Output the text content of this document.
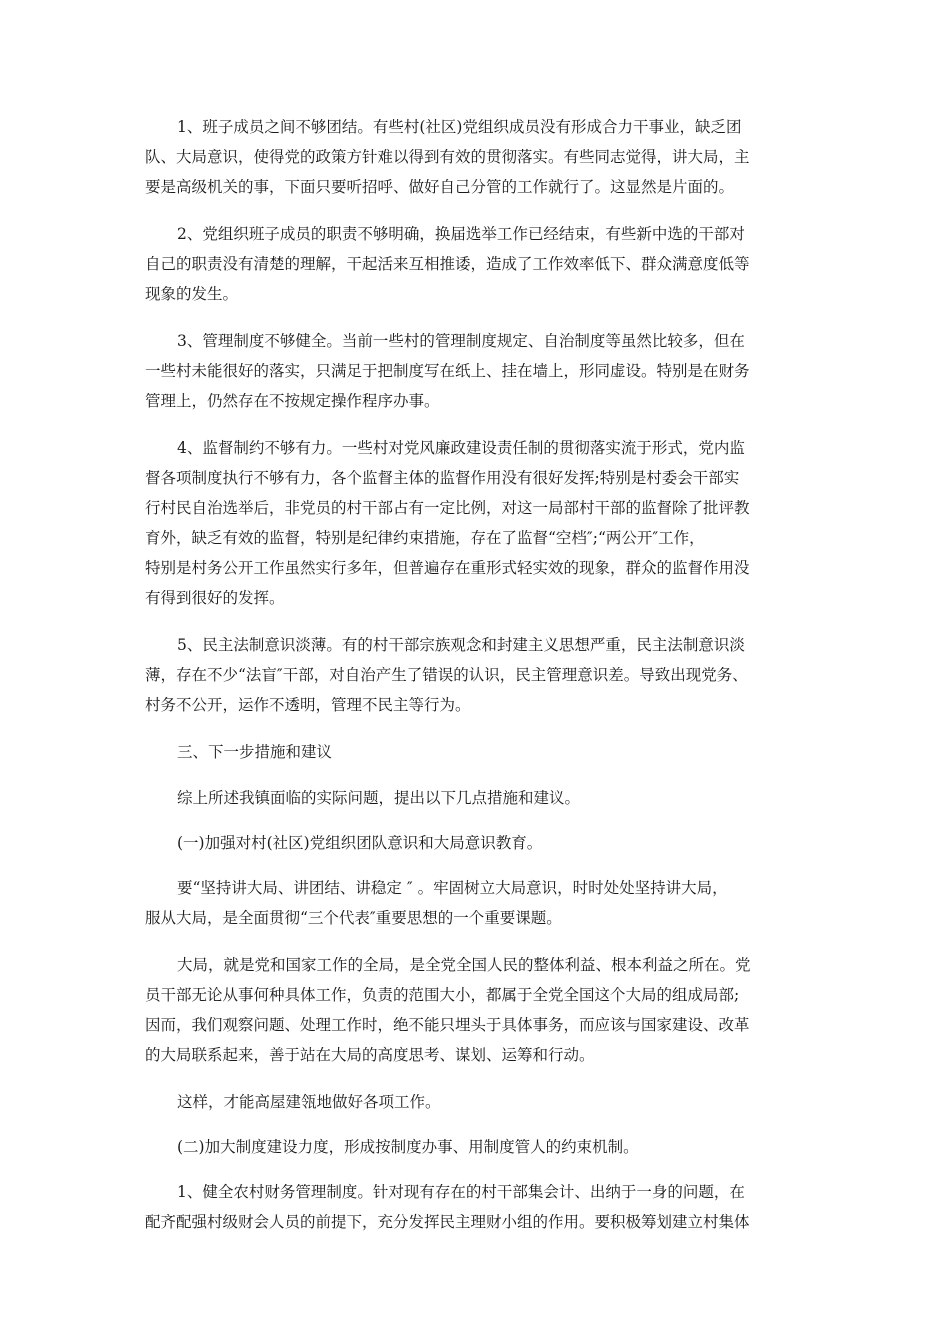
1、班子成员之间不够团结。有些村(社区)党组织成员没有形成合力干事业，缺乏团
队、大局意识，使得党的政策方针难以得到有效的贯彻落实。有些同志觉得，讲大局，主
要是高级机关的事，下面只要听招呼、做好自己分管的工作就行了。这显然是片面的。
2、党组织班子成员的职责不够明确，换届选举工作已经结束，有些新中选的干部对
自己的职责没有清楚的理解，干起活来互相推诿，造成了工作效率低下、群众满意度低等
现象的发生。
3、管理制度不够健全。当前一些村的管理制度规定、自治制度等虽然比较多，但在
一些村未能很好的落实，只满足于把制度写在纸上、挂在墙上，形同虚设。特别是在财务
管理上，仍然存在不按规定操作程序办事。
4、监督制约不够有力。一些村对党风廉政建设责任制的贯彻落实流于形式，党内监
督各项制度执行不够有力，各个监督主体的监督作用没有很好发挥;特别是村委会干部实
行村民自治选举后，非党员的村干部占有一定比例，对这一局部村干部的监督除了批评教
育外，缺乏有效的监督，特别是纪律约束措施，存在了监督“空档″;“两公开″工作，
特别是村务公开工作虽然实行多年，但普遍存在重形式轻实效的现象，群众的监督作用没
有得到很好的发挥。
5、民主法制意识淡薄。有的村干部宗族观念和封建主义思想严重，民主法制意识淡
薄，存在不少“法盲″干部，对自治产生了错误的认识，民主管理意识差。导致出现党务、
村务不公开，运作不透明，管理不民主等行为。
三、下一步措施和建议
综上所述我镇面临的实际问题，提出以下几点措施和建议。
(一)加强对村(社区)党组织团队意识和大局意识教育。
要“坚持讲大局、讲团结、讲稳定 ″ 。牢固树立大局意识，时时处处坚持讲大局，
服从大局，是全面贯彻“三个代表″重要思想的一个重要课题。
大局，就是党和国家工作的全局，是全党全国人民的整体利益、根本利益之所在。党
员干部无论从事何种具体工作，负责的范围大小，都属于全党全国这个大局的组成局部;
因而，我们观察问题、处理工作时，绝不能只埋头于具体事务，而应该与国家建设、改革
的大局联系起来，善于站在大局的高度思考、谋划、运筹和行动。
这样，才能高屋建瓴地做好各项工作。
(二)加大制度建设力度，形成按制度办事、用制度管人的约束机制。
1、健全农村财务管理制度。针对现有存在的村干部集会计、出纳于一身的问题，在
配齐配强村级财会人员的前提下，充分发挥民主理财小组的作用。要积极筹划建立村集体
